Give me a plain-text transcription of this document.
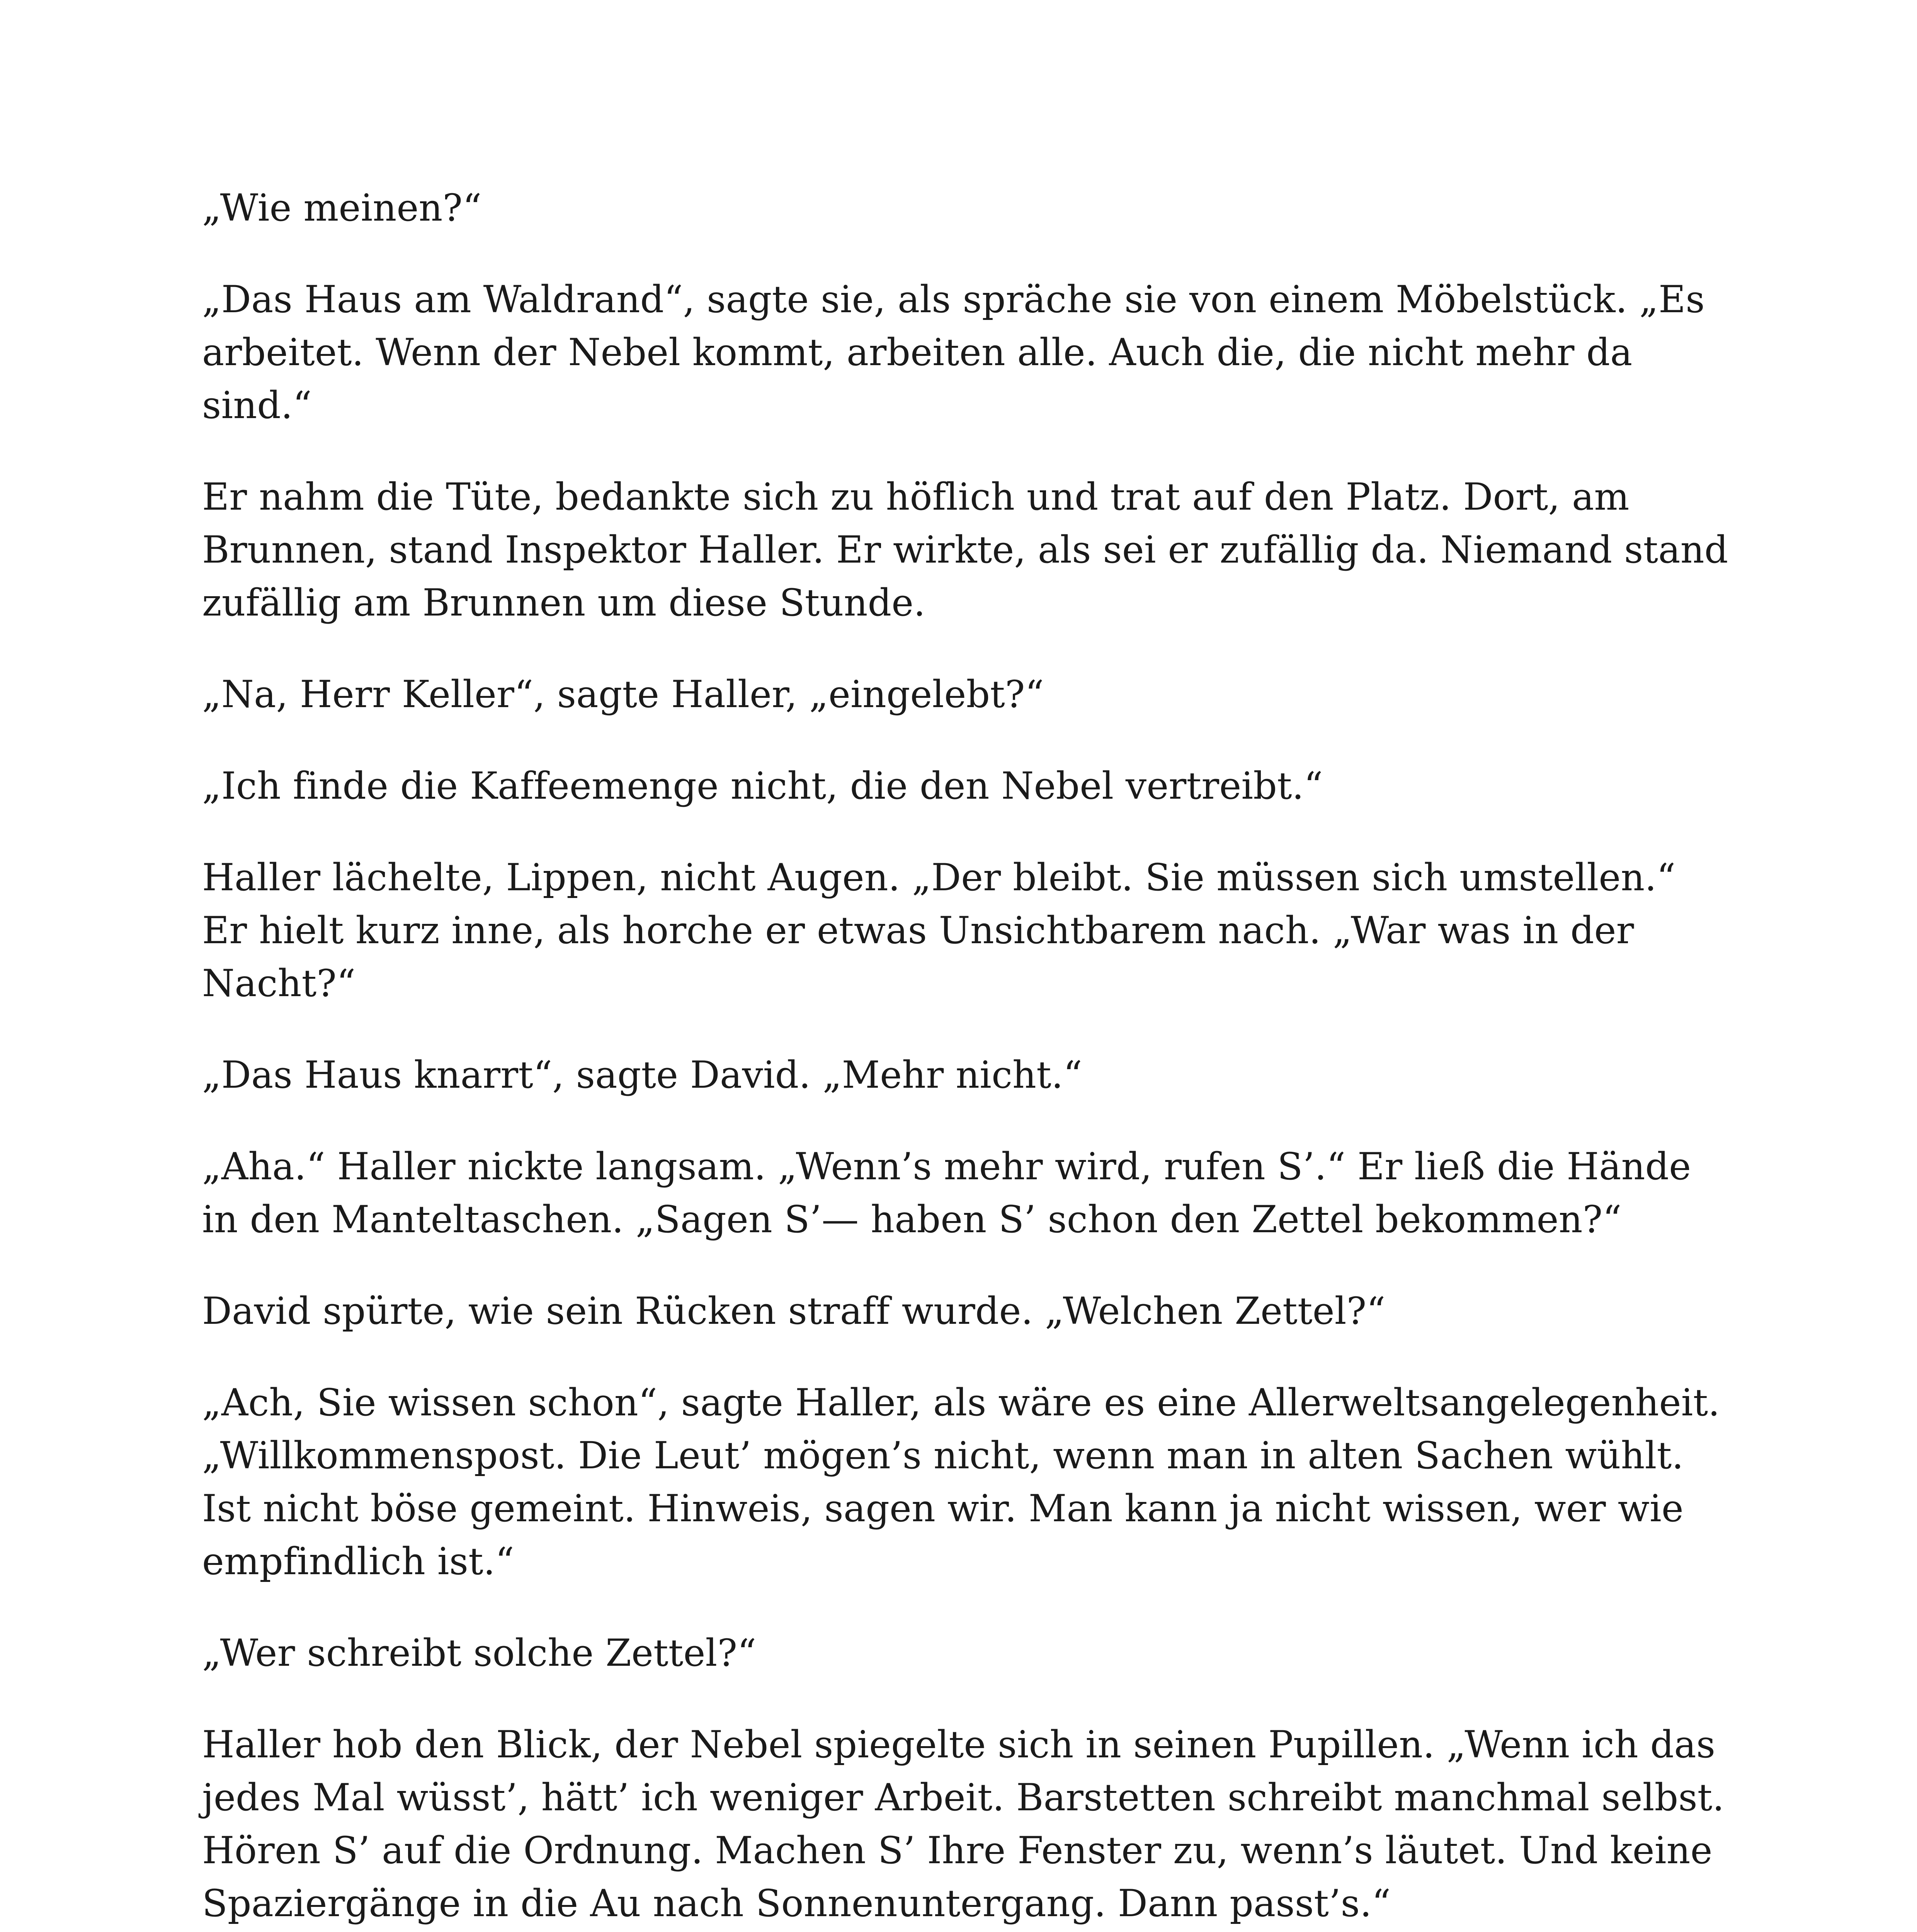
„Wie meinen?“

„Das Haus am Waldrand“, sagte sie, als spräche sie von einem Möbelstück. „Es arbeitet. Wenn der Nebel kommt, arbeiten alle. Auch die, die nicht mehr da sind.“

Er nahm die Tüte, bedankte sich zu höflich und trat auf den Platz. Dort, am Brunnen, stand Inspektor Haller. Er wirkte, als sei er zufällig da. Niemand stand zufällig am Brunnen um diese Stunde.

„Na, Herr Keller“, sagte Haller, „eingelebt?“

„Ich finde die Kaffeemenge nicht, die den Nebel vertreibt.“

Haller lächelte, Lippen, nicht Augen. „Der bleibt. Sie müssen sich umstellen.“ Er hielt kurz inne, als horche er etwas Unsichtbarem nach. „War was in der Nacht?“

„Das Haus knarrt“, sagte David. „Mehr nicht.“

„Aha.“ Haller nickte langsam. „Wenn’s mehr wird, rufen S’.“ Er ließ die Hände in den Manteltaschen. „Sagen S’— haben S’ schon den Zettel bekommen?“

David spürte, wie sein Rücken straff wurde. „Welchen Zettel?“

„Ach, Sie wissen schon“, sagte Haller, als wäre es eine Allerweltsangelegenheit. „Willkommenspost. Die Leut’ mögen’s nicht, wenn man in alten Sachen wühlt. Ist nicht böse gemeint. Hinweis, sagen wir. Man kann ja nicht wissen, wer wie empfindlich ist.“

„Wer schreibt solche Zettel?“

Haller hob den Blick, der Nebel spiegelte sich in seinen Pupillen. „Wenn ich das jedes Mal wüsst’, hätt’ ich weniger Arbeit. Barstetten schreibt manchmal selbst. Hören S’ auf die Ordnung. Machen S’ Ihre Fenster zu, wenn’s läutet. Und keine Spaziergänge in die Au nach Sonnenuntergang. Dann passt’s.“
